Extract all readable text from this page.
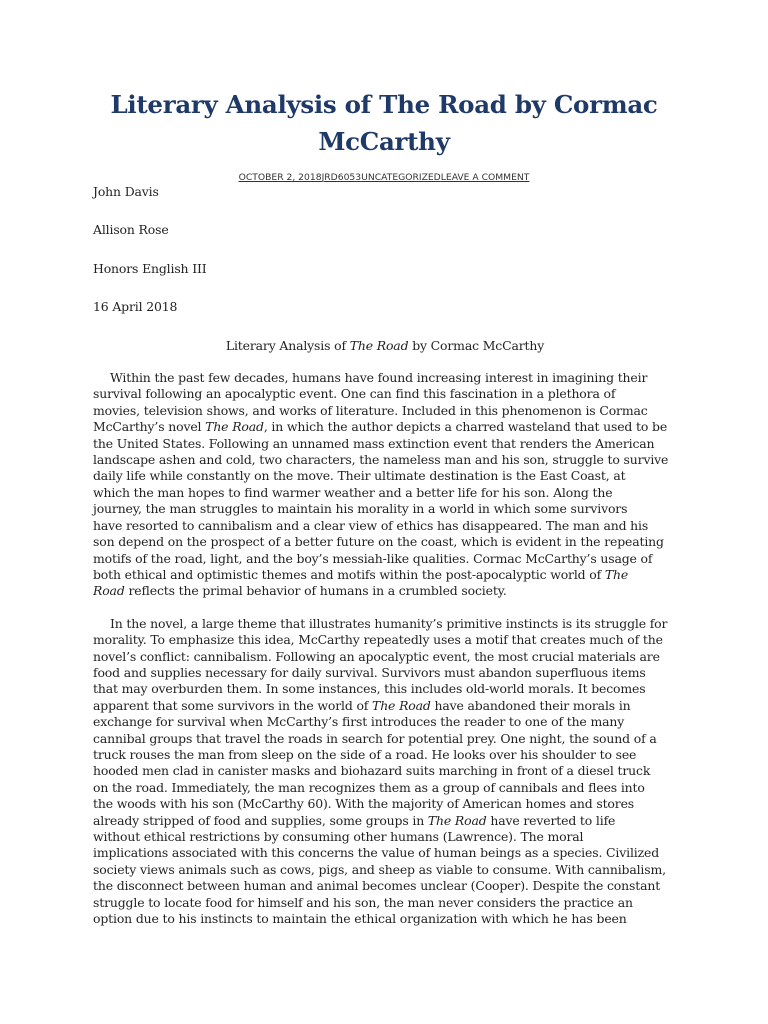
Literary Analysis of The Road by Cormac McCarthy
OCTOBER 2, 2018JRD6053UNCATEGORIZEDLEAVE A COMMENT

John Davis

Allison Rose

Honors English III

16 April 2018

Literary Analysis of The Road by Cormac McCarthy

Within the past few decades, humans have found increasing interest in imagining their
survival following an apocalyptic event. One can find this fascination in a plethora of
movies, television shows, and works of literature. Included in this phenomenon is Cormac
McCarthy’s novel The Road, in which the author depicts a charred wasteland that used to be
the United States. Following an unnamed mass extinction event that renders the American
landscape ashen and cold, two characters, the nameless man and his son, struggle to survive
daily life while constantly on the move. Their ultimate destination is the East Coast, at
which the man hopes to find warmer weather and a better life for his son. Along the
journey, the man struggles to maintain his morality in a world in which some survivors
have resorted to cannibalism and a clear view of ethics has disappeared. The man and his
son depend on the prospect of a better future on the coast, which is evident in the repeating
motifs of the road, light, and the boy’s messiah-like qualities. Cormac McCarthy’s usage of
both ethical and optimistic themes and motifs within the post-apocalyptic world of The
Road reflects the primal behavior of humans in a crumbled society.
In the novel, a large theme that illustrates humanity’s primitive instincts is its struggle for
morality. To emphasize this idea, McCarthy repeatedly uses a motif that creates much of the
novel’s conflict: cannibalism. Following an apocalyptic event, the most crucial materials are
food and supplies necessary for daily survival. Survivors must abandon superfluous items
that may overburden them. In some instances, this includes old-world morals. It becomes
apparent that some survivors in the world of The Road have abandoned their morals in
exchange for survival when McCarthy’s first introduces the reader to one of the many
cannibal groups that travel the roads in search for potential prey. One night, the sound of a
truck rouses the man from sleep on the side of a road. He looks over his shoulder to see
hooded men clad in canister masks and biohazard suits marching in front of a diesel truck
on the road. Immediately, the man recognizes them as a group of cannibals and flees into
the woods with his son (McCarthy 60). With the majority of American homes and stores
already stripped of food and supplies, some groups in The Road have reverted to life
without ethical restrictions by consuming other humans (Lawrence). The moral
implications associated with this concerns the value of human beings as a species. Civilized
society views animals such as cows, pigs, and sheep as viable to consume. With cannibalism,
the disconnect between human and animal becomes unclear (Cooper). Despite the constant
struggle to locate food for himself and his son, the man never considers the practice an
option due to his instincts to maintain the ethical organization with which he has been
